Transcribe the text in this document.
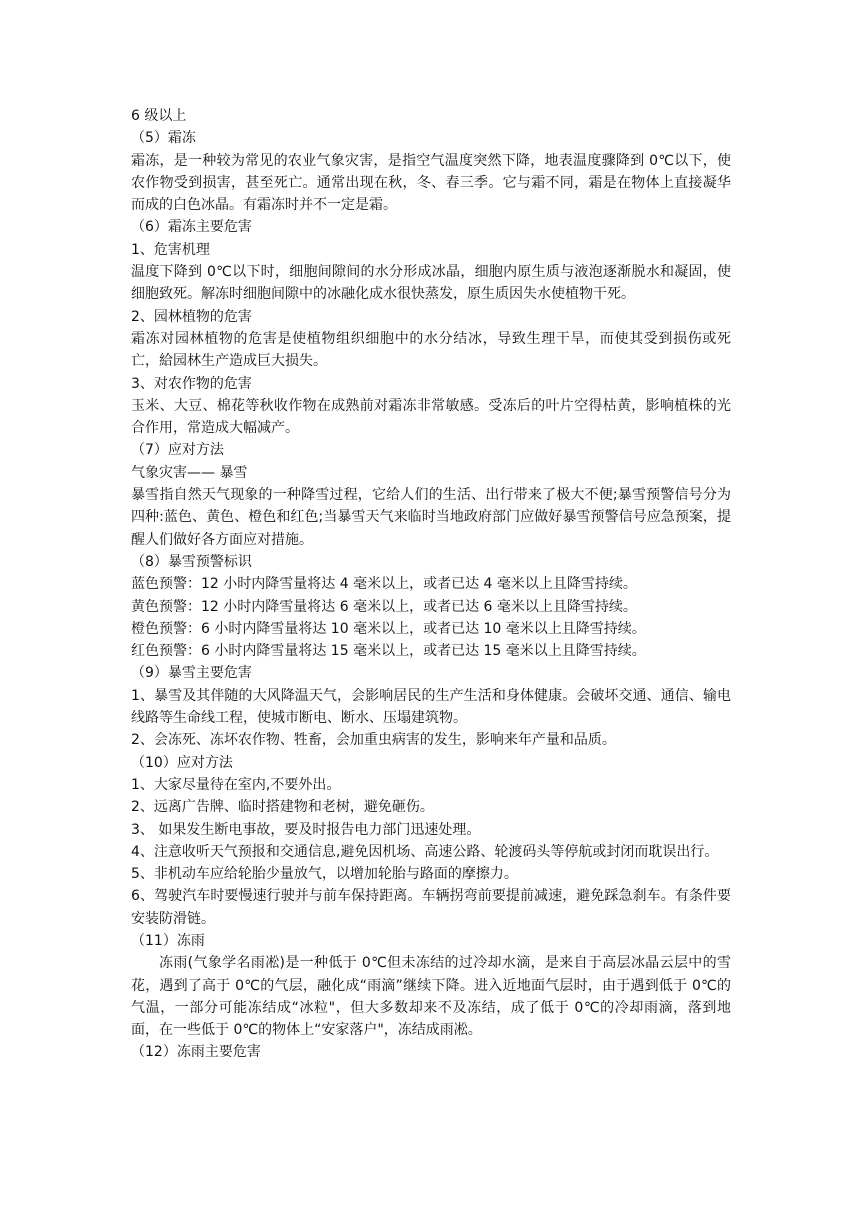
6 级以上

（5）霜冻

霜冻，是一种较为常见的农业气象灾害，是指空气温度突然下降，地表温度骤降到 0℃以下，使农作物受到损害，甚至死亡。通常出现在秋，冬、春三季。它与霜不同，霜是在物体上直接凝华而成的白色冰晶。有霜冻时并不一定是霜。

（6）霜冻主要危害

1、危害机理

温度下降到 0℃以下时，细胞间隙间的水分形成冰晶，细胞内原生质与液泡逐渐脱水和凝固，使细胞致死。解冻时细胞间隙中的冰融化成水很快蒸发，原生质因失水使植物干死。

2、园林植物的危害

霜冻对园林植物的危害是使植物组织细胞中的水分结冰，导致生理干旱，而使其受到损伤或死亡，給园林生产造成巨大损失。

3、对农作物的危害

玉米、大豆、棉花等秋收作物在成熟前对霜冻非常敏感。受冻后的叶片空得枯黄，影响植株的光合作用，常造成大幅减产。

（7）应对方法

气象灾害—— 暴雪

暴雪指自然天气现象的一种降雪过程，它给人们的生活、出行带来了极大不便;暴雪预警信号分为四种:蓝色、黄色、橙色和红色;当暴雪天气来临时当地政府部门应做好暴雪预警信号应急预案，提醒人们做好各方面应对措施。

（8）暴雪预警标识

蓝色预警：12 小时内降雪量将达 4 毫米以上，或者已达 4 毫米以上且降雪持续。

黄色预警：12 小时内降雪量将达 6 毫米以上，或者已达 6 毫米以上且降雪持续。

橙色预警：6 小时内降雪量将达 10 毫米以上，或者已达 10 毫米以上且降雪持续。

红色预警：6 小时内降雪量将达 15 毫米以上，或者已达 15 毫米以上且降雪持续。

（9）暴雪主要危害

1、暴雪及其伴随的大风降温天气，会影响居民的生产生活和身体健康。会破坏交通、通信、输电线路等生命线工程，使城市断电、断水、压塌建筑物。

2、会冻死、冻坏农作物、牲畜，会加重虫病害的发生，影响来年产量和品质。

（10）应对方法

1、大家尽量待在室内,不要外出。

2、远离广告牌、临时搭建物和老树，避免砸伤。

3、 如果发生断电事故，要及时报告电力部门迅速处理。

4、注意收听天气预报和交通信息,避免因机场、高速公路、轮渡码头等停航或封闭而耽误出行。

5、非机动车应给轮胎少量放气，以增加轮胎与路面的摩擦力。

6、驾驶汽车时要慢速行驶并与前车保持距离。车辆拐弯前要提前减速，避免踩急刹车。有条件要安装防滑链。

（11）冻雨

冻雨(气象学名雨凇)是一种低于 0℃但未冻结的过冷却水滴，是来自于高层冰晶云层中的雪花，遇到了高于 0℃的气层，融化成“雨滴”继续下降。进入近地面气层时，由于遇到低于 0℃的气温，一部分可能冻结成“冰粒"，但大多数却来不及冻结，成了低于 0℃的冷却雨滴，落到地面，在一些低于 0℃的物体上“安家落户"，冻结成雨凇。

（12）冻雨主要危害
